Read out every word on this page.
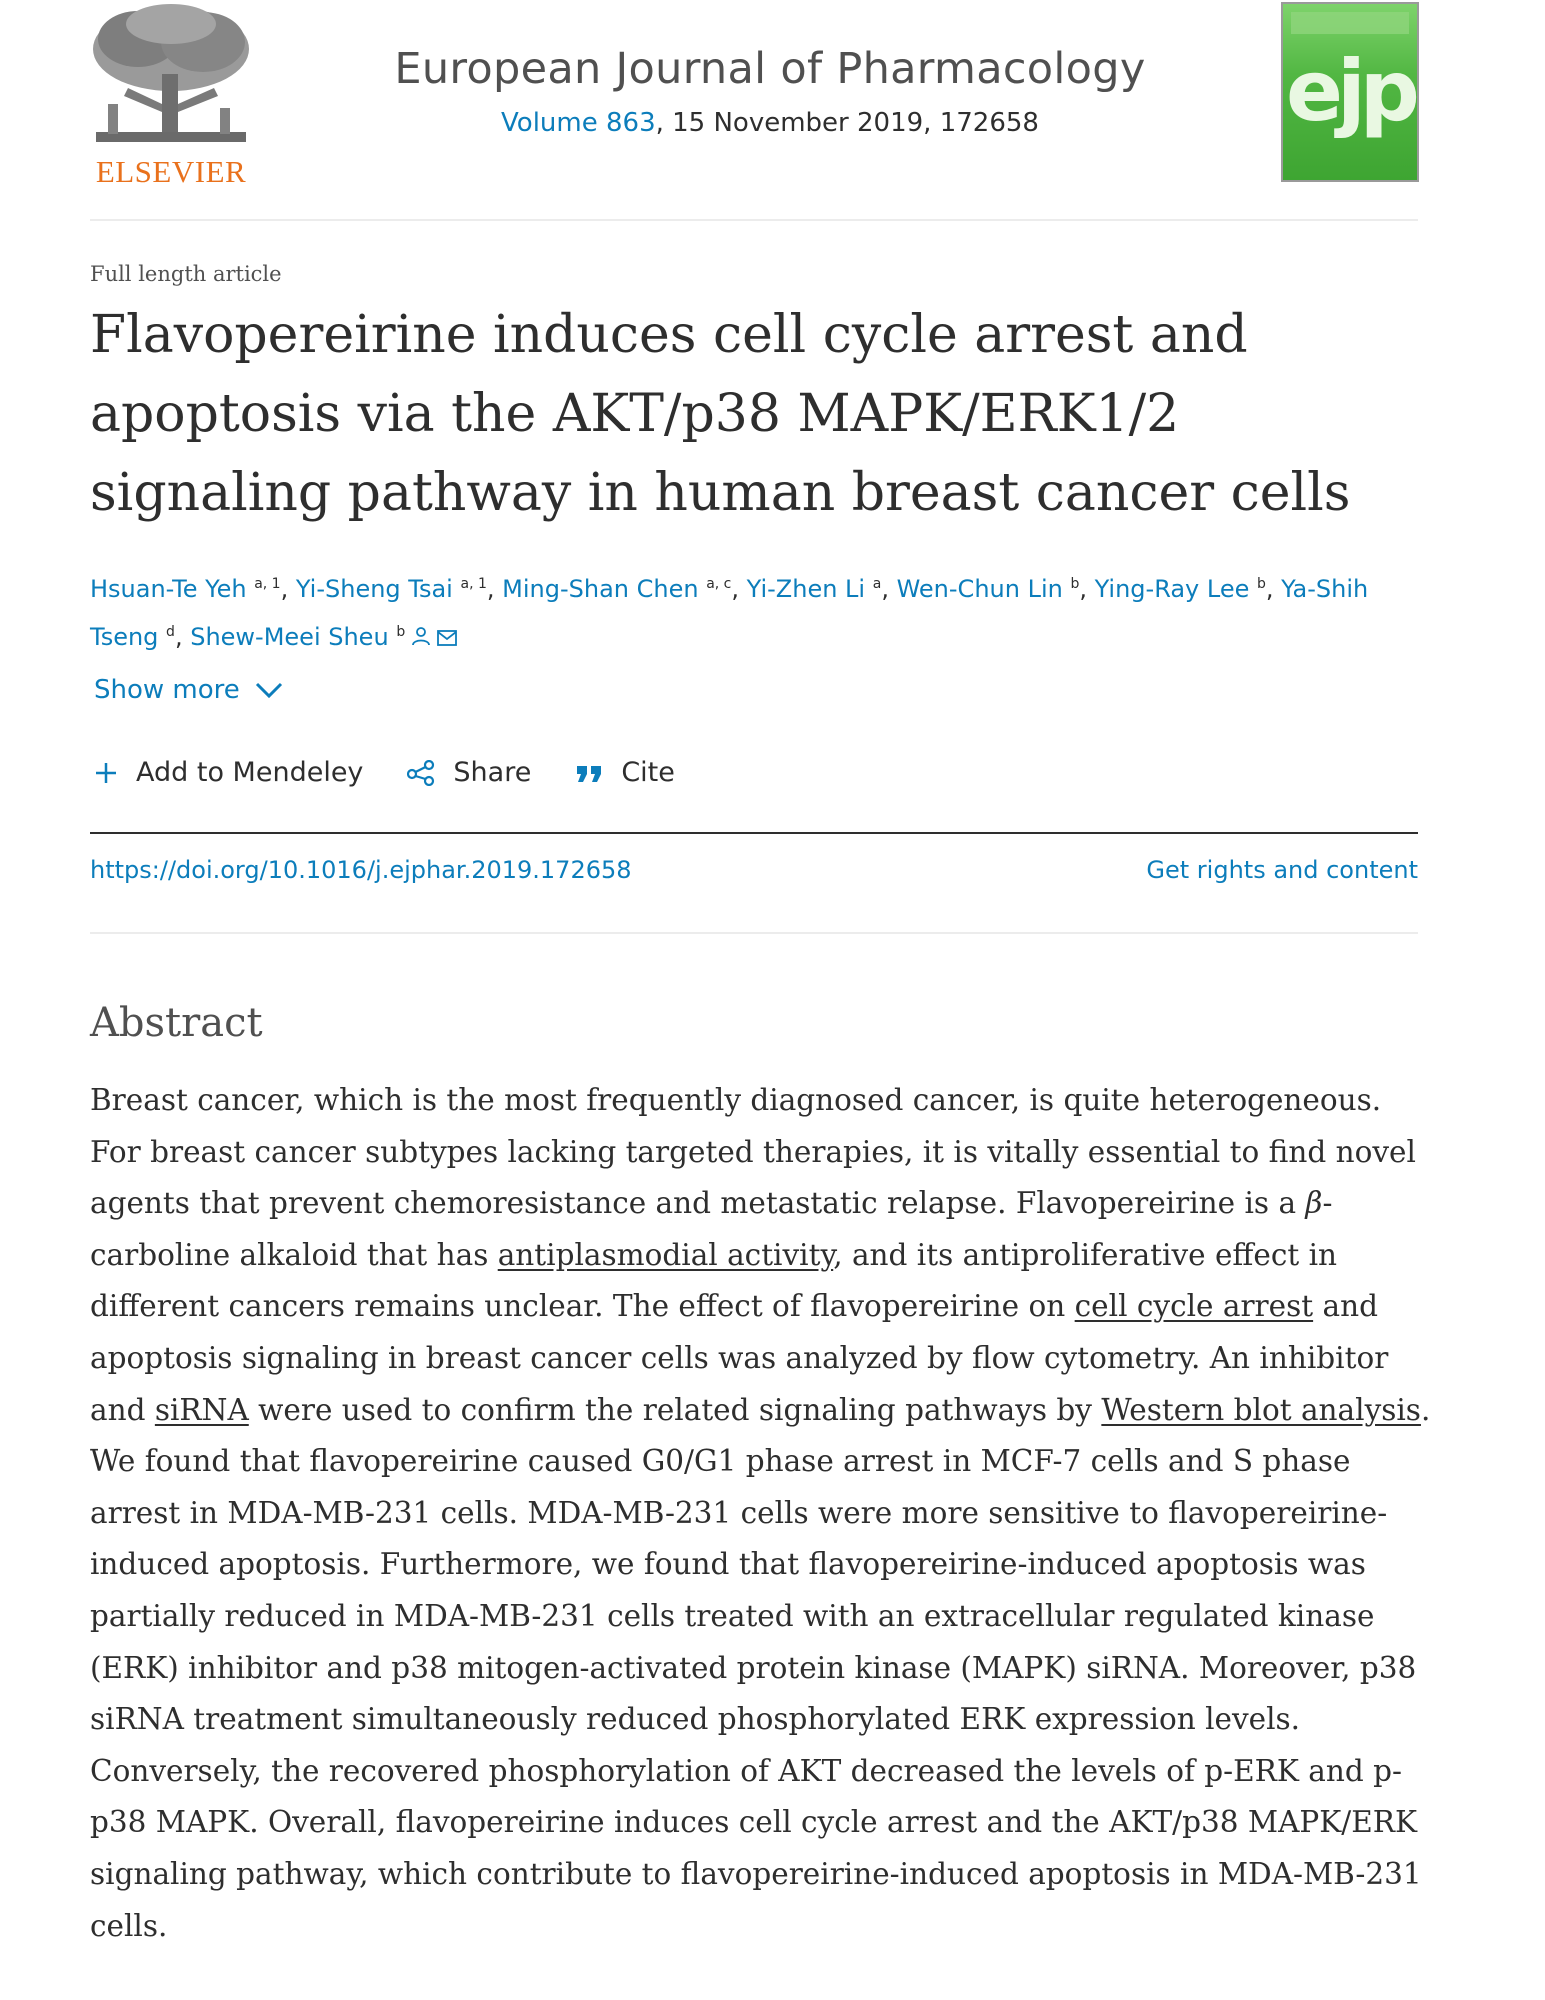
ELSEVIER
European Journal of Pharmacology
Volume 863, 15 November 2019, 172658	ejp
Full length article
Flavopereirine induces cell cycle arrest and
apoptosis via the AKT/p38 MAPK/ERK1/2
signaling pathway in human breast cancer cells
Hsuan-Te Yeh $^{a, 1}$, Yi-Sheng Tsai $^{a, 1}$, Ming-Shan Chen $^{a, c}$, Yi-Zhen Li $^a$, Wen-Chun Lin $^b$, Ying-Ray Lee $^b$, Ya-Shih Tseng $^d$, Shew-Meei Sheu $^b$
Show more
Add to Mendeley	Share	Cite
https://doi.org/10.1016/j.ejphar.2019.172658	Get rights and content
Abstract

Breast cancer, which is the most frequently diagnosed cancer, is quite heterogeneous. For breast cancer subtypes lacking targeted therapies, it is vitally essential to find novel agents that prevent chemoresistance and metastatic relapse. Flavopereirine is a β-carboline alkaloid that has antiplasmodial activity, and its antiproliferative effect in different cancers remains unclear. The effect of flavopereirine on cell cycle arrest and apoptosis signaling in breast cancer cells was analyzed by flow cytometry. An inhibitor and siRNA were used to confirm the related signaling pathways by Western blot analysis. We found that flavopereirine caused G0/G1 phase arrest in MCF-7 cells and S phase arrest in MDA-MB-231 cells. MDA-MB-231 cells were more sensitive to flavopereirine-induced apoptosis. Furthermore, we found that flavopereirine-induced apoptosis was partially reduced in MDA-MB-231 cells treated with an extracellular regulated kinase (ERK) inhibitor and p38 mitogen-activated protein kinase (MAPK) siRNA. Moreover, p38 siRNA treatment simultaneously reduced phosphorylated ERK expression levels. Conversely, the recovered phosphorylation of AKT decreased the levels of p-ERK and p-p38 MAPK. Overall, flavopereirine induces cell cycle arrest and the AKT/p38 MAPK/ERK signaling pathway, which contribute to flavopereirine-induced apoptosis in MDA-MB-231 cells.
